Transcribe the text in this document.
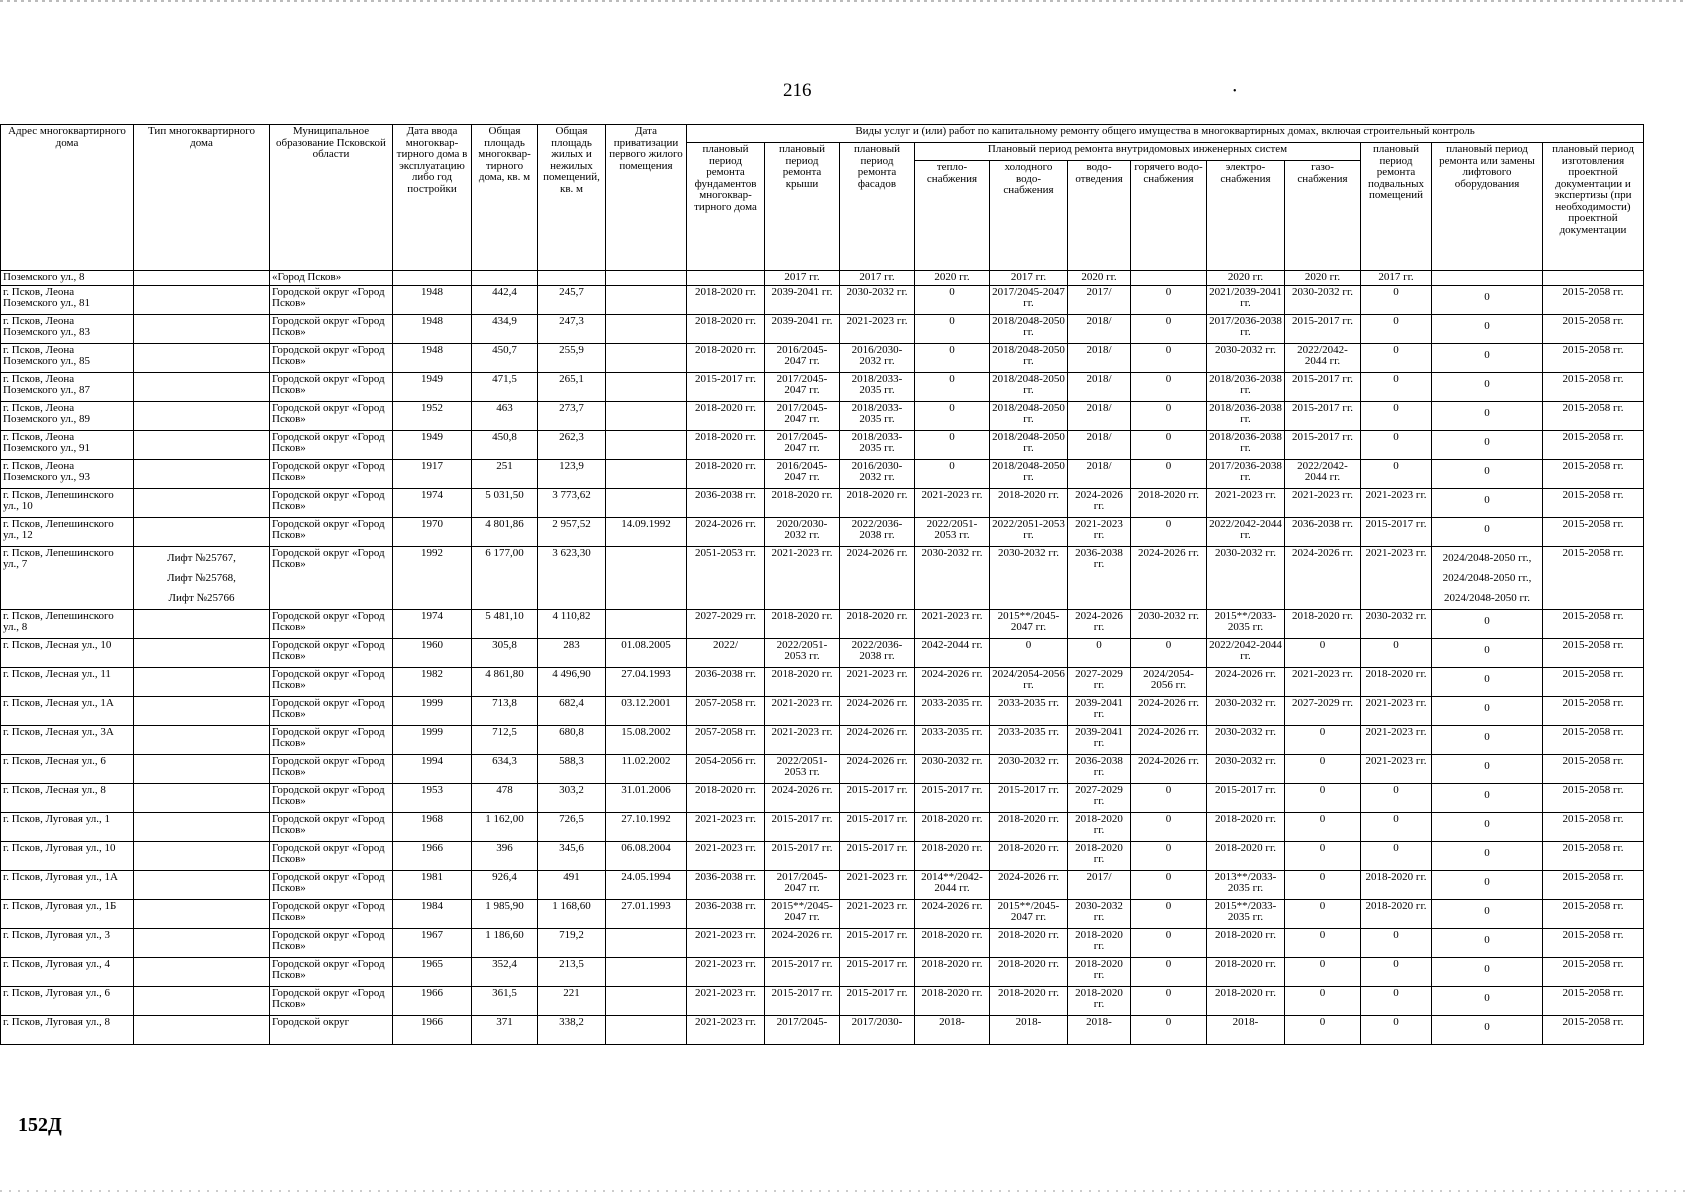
216	•
Адрес многоквартирного дома	Тип многоквартирного дома	Муниципальное образование Псковской области	Дата ввода многоквар-тирного дома в эксплуатацию либо год постройки	Общая площадь многоквар-тирного дома, кв. м	Общая площадь жилых и нежилых помещений, кв. м	Дата приватизации первого жилого помещения	Виды услуг и (или) работ по капитальному ремонту общего имущества в многоквартирных домах, включая строительный контроль											
							плановый период ремонта фундаментов многоквар-тирного дома	плановый период ремонта крыши	плановый период ремонта фасадов	Плановый период ремонта внутридомовых инженерных систем						плановый период ремонта подвальных помещений	плановый период ремонта или замены лифтового оборудования	плановый период изготовления проектной документации и экспертизы (при необходимости) проектной документации
										тепло-снабжения	холодного водо-снабжения	водо-отведения	горячего водо-снабжения	электро-снабжения	газо-снабжения			
Поземского ул., 8		«Город Псков»						2017 гг.	2017 гг.	2020 гг.	2017 гг.	2020 гг.		2020 гг.	2020 гг.	2017 гг.		
г. Псков, Леона Поземского ул., 81		Городской округ «Город Псков»	1948	442,4	245,7		2018-2020 гг.	2039-2041 гг.	2030-2032 гг.	0	2017/2045-2047 гг.	2017/	0	2021/2039-2041 гг.	2030-2032 гг.	0	0	2015-2058 гг.
г. Псков, Леона Поземского ул., 83		Городской округ «Город Псков»	1948	434,9	247,3		2018-2020 гг.	2039-2041 гг.	2021-2023 гг.	0	2018/2048-2050 гг.	2018/	0	2017/2036-2038 гг.	2015-2017 гг.	0	0	2015-2058 гг.
г. Псков, Леона Поземского ул., 85		Городской округ «Город Псков»	1948	450,7	255,9		2018-2020 гг.	2016/2045-2047 гг.	2016/2030-2032 гг.	0	2018/2048-2050 гг.	2018/	0	2030-2032 гг.	2022/2042-2044 гг.	0	0	2015-2058 гг.
г. Псков, Леона Поземского ул., 87		Городской округ «Город Псков»	1949	471,5	265,1		2015-2017 гг.	2017/2045-2047 гг.	2018/2033-2035 гг.	0	2018/2048-2050 гг.	2018/	0	2018/2036-2038 гг.	2015-2017 гг.	0	0	2015-2058 гг.
г. Псков, Леона Поземского ул., 89		Городской округ «Город Псков»	1952	463	273,7		2018-2020 гг.	2017/2045-2047 гг.	2018/2033-2035 гг.	0	2018/2048-2050 гг.	2018/	0	2018/2036-2038 гг.	2015-2017 гг.	0	0	2015-2058 гг.
г. Псков, Леона Поземского ул., 91		Городской округ «Город Псков»	1949	450,8	262,3		2018-2020 гг.	2017/2045-2047 гг.	2018/2033-2035 гг.	0	2018/2048-2050 гг.	2018/	0	2018/2036-2038 гг.	2015-2017 гг.	0	0	2015-2058 гг.
г. Псков, Леона Поземского ул., 93		Городской округ «Город Псков»	1917	251	123,9		2018-2020 гг.	2016/2045-2047 гг.	2016/2030-2032 гг.	0	2018/2048-2050 гг.	2018/	0	2017/2036-2038 гг.	2022/2042-2044 гг.	0	0	2015-2058 гг.
г. Псков, Лепешинского ул., 10		Городской округ «Город Псков»	1974	5 031,50	3 773,62		2036-2038 гг.	2018-2020 гг.	2018-2020 гг.	2021-2023 гг.	2018-2020 гг.	2024-2026 гг.	2018-2020 гг.	2021-2023 гг.	2021-2023 гг.	2021-2023 гг.	0	2015-2058 гг.
г. Псков, Лепешинского ул., 12		Городской округ «Город Псков»	1970	4 801,86	2 957,52	14.09.1992	2024-2026 гг.	2020/2030-2032 гг.	2022/2036-2038 гг.	2022/2051-2053 гг.	2022/2051-2053 гг.	2021-2023 гг.	0	2022/2042-2044 гг.	2036-2038 гг.	2015-2017 гг.	0	2015-2058 гг.
г. Псков, Лепешинского ул., 7	Лифт №25767,
Лифт №25768,
Лифт №25766	Городской округ «Город Псков»	1992	6 177,00	3 623,30		2051-2053 гг.	2021-2023 гг.	2024-2026 гг.	2030-2032 гг.	2030-2032 гг.	2036-2038 гг.	2024-2026 гг.	2030-2032 гг.	2024-2026 гг.	2021-2023 гг.	2024/2048-2050 гг.,
2024/2048-2050 гг.,
2024/2048-2050 гг.	2015-2058 гг.
г. Псков, Лепешинского ул., 8		Городской округ «Город Псков»	1974	5 481,10	4 110,82		2027-2029 гг.	2018-2020 гг.	2018-2020 гг.	2021-2023 гг.	2015**/2045-2047 гг.	2024-2026 гг.	2030-2032 гг.	2015**/2033-2035 гг.	2018-2020 гг.	2030-2032 гг.	0	2015-2058 гг.
г. Псков, Лесная ул., 10		Городской округ «Город Псков»	1960	305,8	283	01.08.2005	2022/	2022/2051-2053 гг.	2022/2036-2038 гг.	2042-2044 гг.	0	0	0	2022/2042-2044 гг.	0	0	0	2015-2058 гг.
г. Псков, Лесная ул., 11		Городской округ «Город Псков»	1982	4 861,80	4 496,90	27.04.1993	2036-2038 гг.	2018-2020 гг.	2021-2023 гг.	2024-2026 гг.	2024/2054-2056 гг.	2027-2029 гг.	2024/2054-2056 гг.	2024-2026 гг.	2021-2023 гг.	2018-2020 гг.	0	2015-2058 гг.
г. Псков, Лесная ул., 1А		Городской округ «Город Псков»	1999	713,8	682,4	03.12.2001	2057-2058 гг.	2021-2023 гг.	2024-2026 гг.	2033-2035 гг.	2033-2035 гг.	2039-2041 гг.	2024-2026 гг.	2030-2032 гг.	2027-2029 гг.	2021-2023 гг.	0	2015-2058 гг.
г. Псков, Лесная ул., 3А		Городской округ «Город Псков»	1999	712,5	680,8	15.08.2002	2057-2058 гг.	2021-2023 гг.	2024-2026 гг.	2033-2035 гг.	2033-2035 гг.	2039-2041 гг.	2024-2026 гг.	2030-2032 гг.	0	2021-2023 гг.	0	2015-2058 гг.
г. Псков, Лесная ул., 6		Городской округ «Город Псков»	1994	634,3	588,3	11.02.2002	2054-2056 гг.	2022/2051-2053 гг.	2024-2026 гг.	2030-2032 гг.	2030-2032 гг.	2036-2038 гг.	2024-2026 гг.	2030-2032 гг.	0	2021-2023 гг.	0	2015-2058 гг.
г. Псков, Лесная ул., 8		Городской округ «Город Псков»	1953	478	303,2	31.01.2006	2018-2020 гг.	2024-2026 гг.	2015-2017 гг.	2015-2017 гг.	2015-2017 гг.	2027-2029 гг.	0	2015-2017 гг.	0	0	0	2015-2058 гг.
г. Псков, Луговая ул., 1		Городской округ «Город Псков»	1968	1 162,00	726,5	27.10.1992	2021-2023 гг.	2015-2017 гг.	2015-2017 гг.	2018-2020 гг.	2018-2020 гг.	2018-2020 гг.	0	2018-2020 гг.	0	0	0	2015-2058 гг.
г. Псков, Луговая ул., 10		Городской округ «Город Псков»	1966	396	345,6	06.08.2004	2021-2023 гг.	2015-2017 гг.	2015-2017 гг.	2018-2020 гг.	2018-2020 гг.	2018-2020 гг.	0	2018-2020 гг.	0	0	0	2015-2058 гг.
г. Псков, Луговая ул., 1А		Городской округ «Город Псков»	1981	926,4	491	24.05.1994	2036-2038 гг.	2017/2045-2047 гг.	2021-2023 гг.	2014**/2042-2044 гг.	2024-2026 гг.	2017/	0	2013**/2033-2035 гг.	0	2018-2020 гг.	0	2015-2058 гг.
г. Псков, Луговая ул., 1Б		Городской округ «Город Псков»	1984	1 985,90	1 168,60	27.01.1993	2036-2038 гг.	2015**/2045-2047 гг.	2021-2023 гг.	2024-2026 гг.	2015**/2045-2047 гг.	2030-2032 гг.	0	2015**/2033-2035 гг.	0	2018-2020 гг.	0	2015-2058 гг.
г. Псков, Луговая ул., 3		Городской округ «Город Псков»	1967	1 186,60	719,2		2021-2023 гг.	2024-2026 гг.	2015-2017 гг.	2018-2020 гг.	2018-2020 гг.	2018-2020 гг.	0	2018-2020 гг.	0	0	0	2015-2058 гг.
г. Псков, Луговая ул., 4		Городской округ «Город Псков»	1965	352,4	213,5		2021-2023 гг.	2015-2017 гг.	2015-2017 гг.	2018-2020 гг.	2018-2020 гг.	2018-2020 гг.	0	2018-2020 гг.	0	0	0	2015-2058 гг.
г. Псков, Луговая ул., 6		Городской округ «Город Псков»	1966	361,5	221		2021-2023 гг.	2015-2017 гг.	2015-2017 гг.	2018-2020 гг.	2018-2020 гг.	2018-2020 гг.	0	2018-2020 гг.	0	0	0	2015-2058 гг.
г. Псков, Луговая ул., 8		Городской округ	1966	371	338,2		2021-2023 гг.	2017/2045-	2017/2030-	2018-	2018-	2018-	0	2018-	0	0	0	2015-2058 гг.
152Д
